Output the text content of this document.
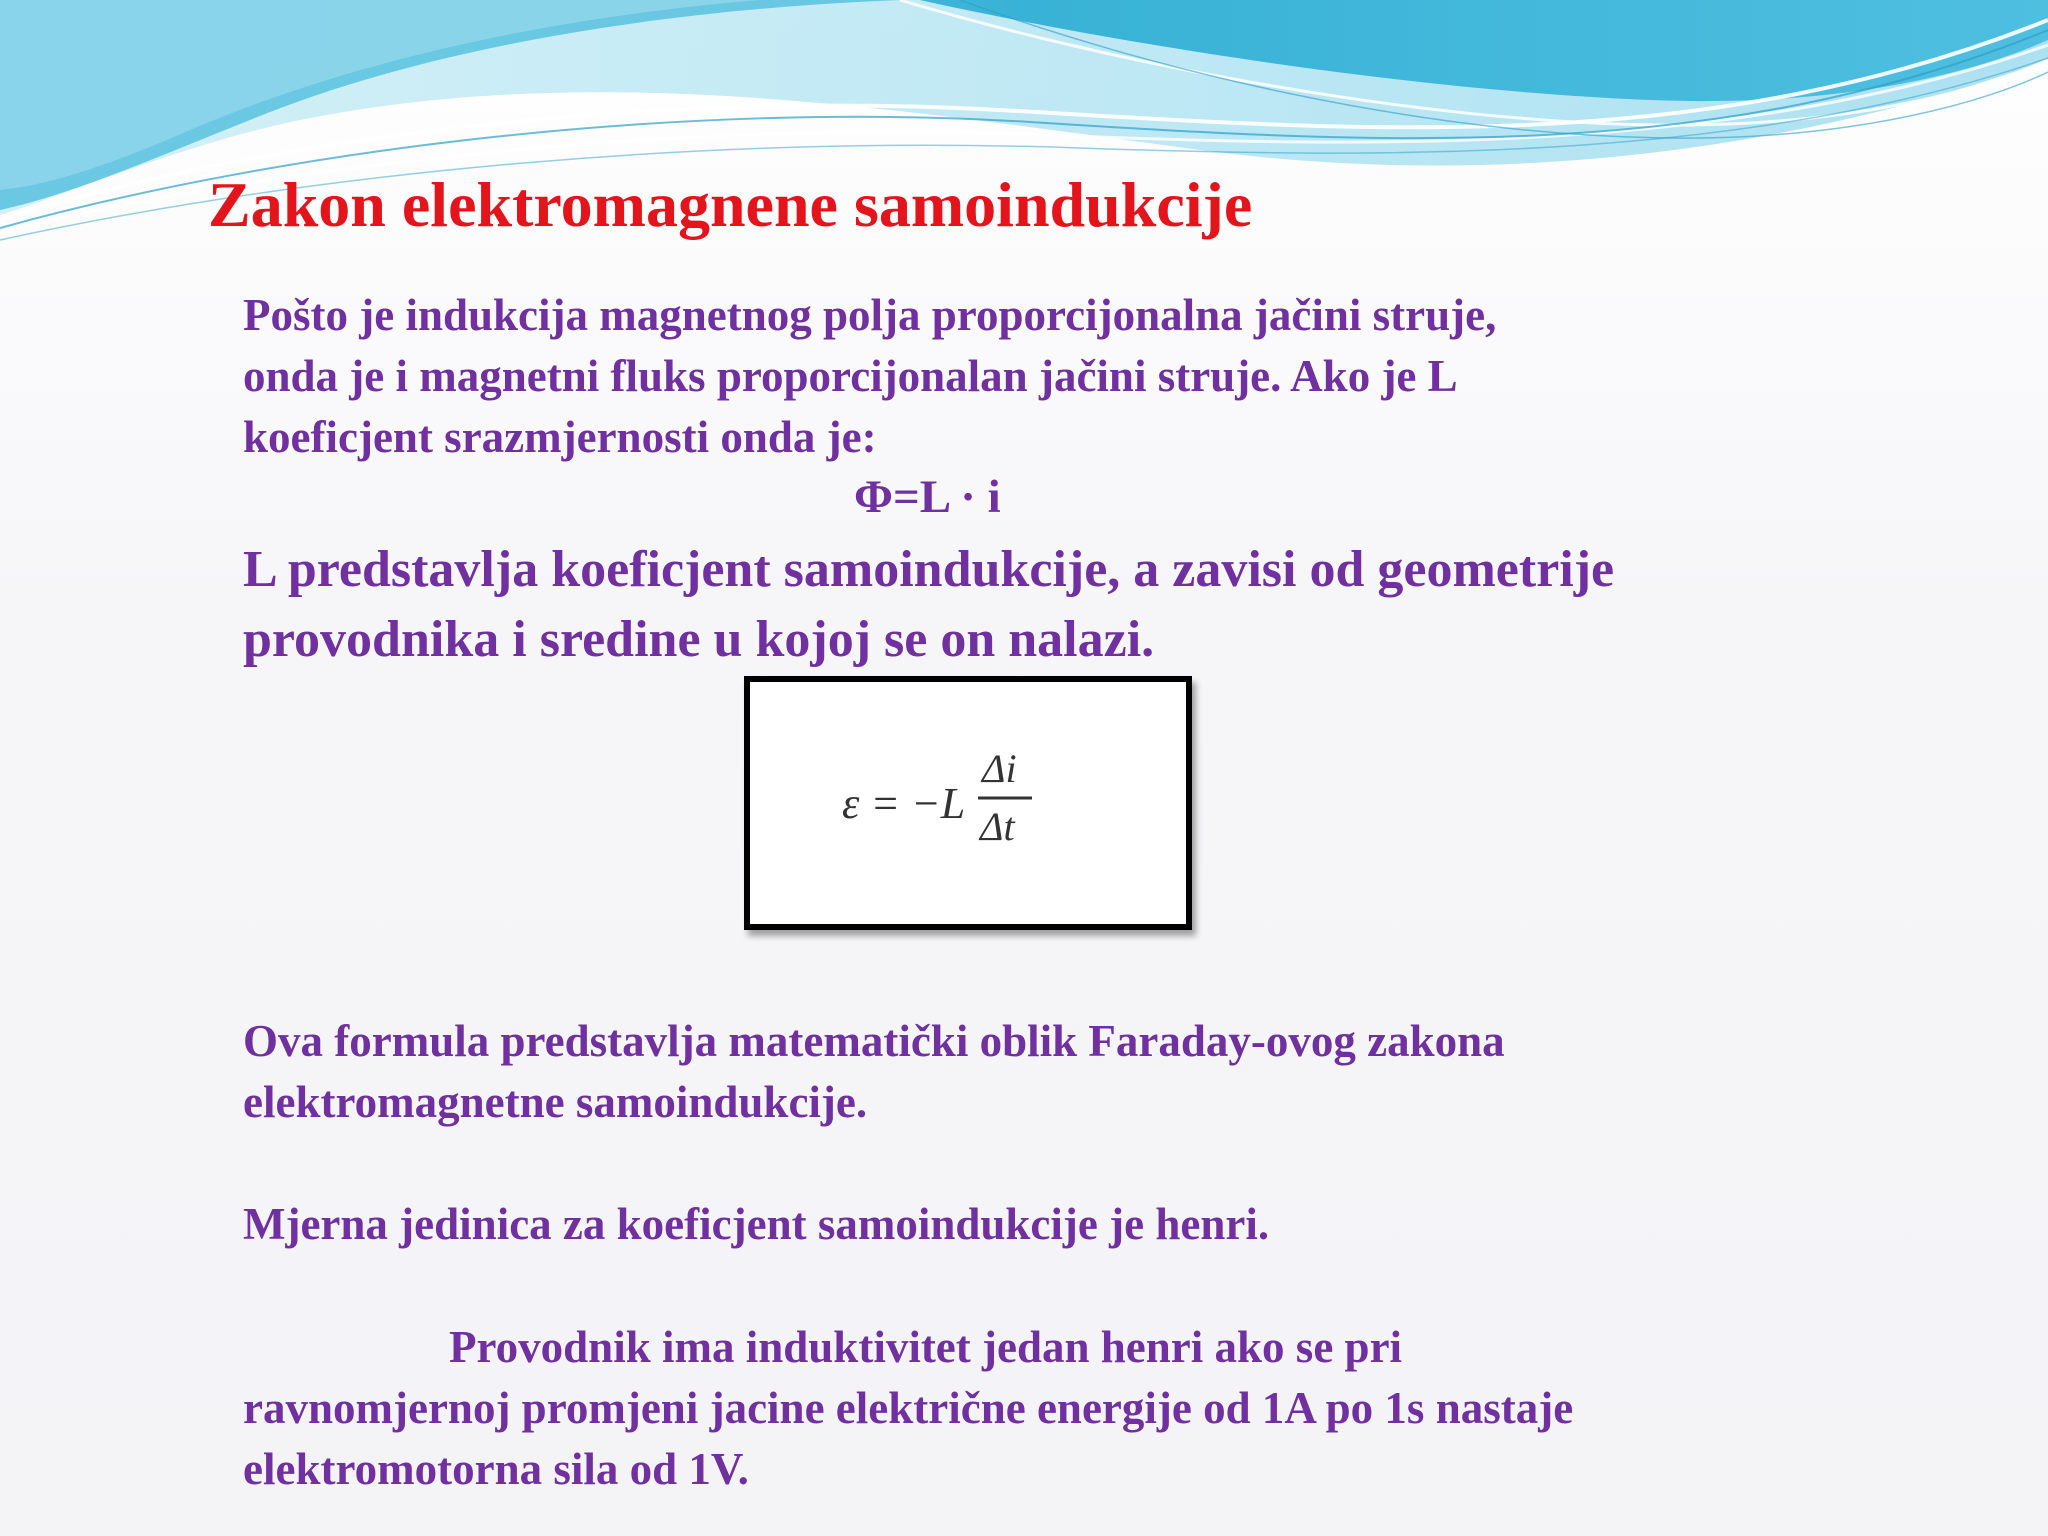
Zakon elektromagnene samoindukcije

Pošto je indukcija magnetnog polja proporcijonalna jačini struje,
onda je i magnetni fluks proporcijonalan jačini struje. Ako je L
koeficjent srazmjernosti onda je:

Φ=L · i

L predstavlja koeficjent samoindukcije, a zavisi od geometrije
provodnika i sredine u kojoj se on nalazi.

ε = −L
Δi
Δt

Ova formula predstavlja matematički oblik Faraday-ovog zakona
elektromagnetne samoindukcije.

Mjerna jedinica za koeficjent samoindukcije je henri.

Provodnik ima induktivitet jedan henri ako se pri
ravnomjernoj promjeni jacine električne energije od 1A po 1s nastaje
elektromotorna sila od 1V.
